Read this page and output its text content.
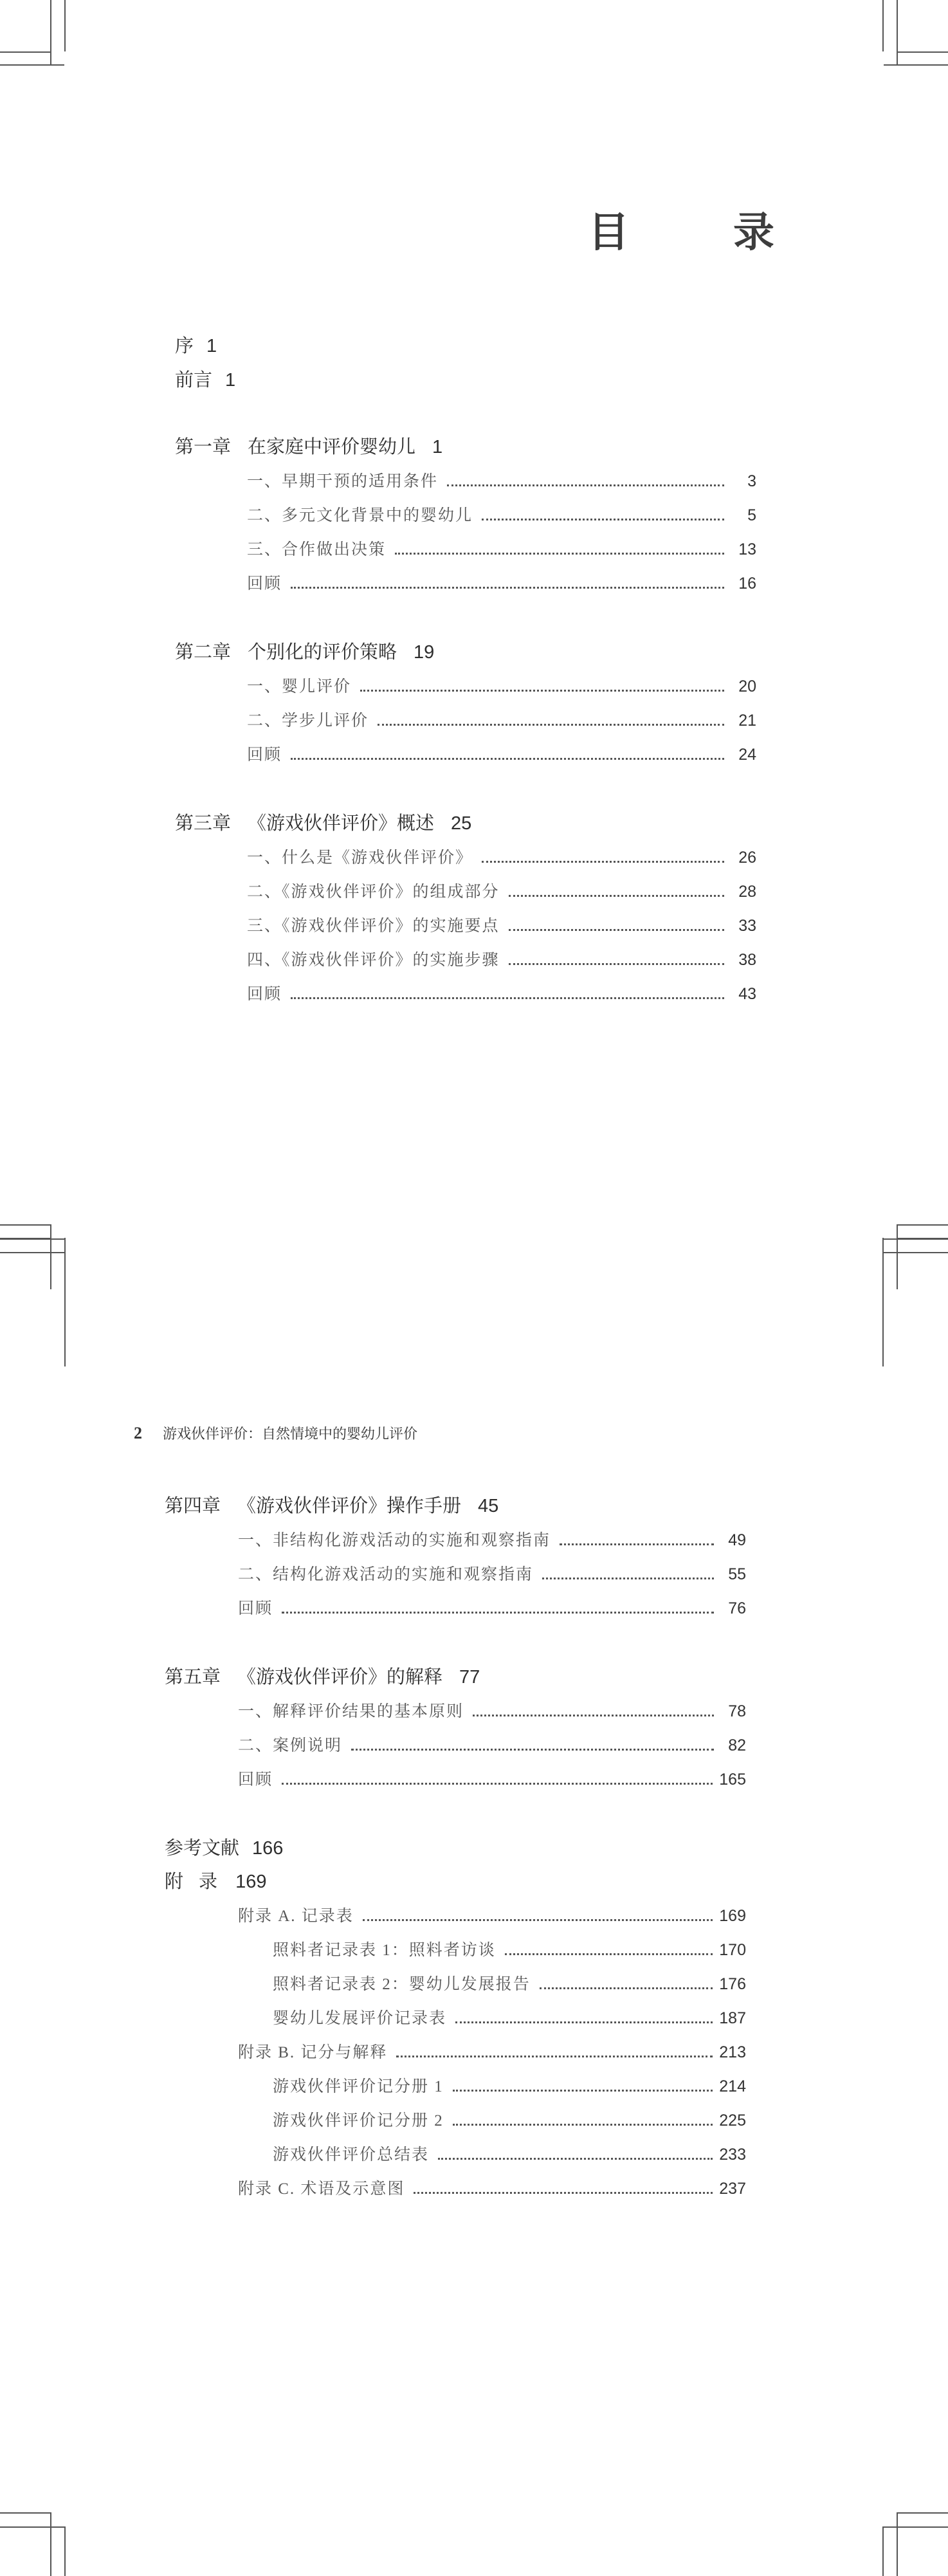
目 录
序 1
前言 1
第一章 在家庭中评价婴幼儿 1
一、早期干预的适用条件	3
二、多元文化背景中的婴幼儿	5
三、合作做出决策	13
回顾	16
第二章 个别化的评价策略 19
一、婴儿评价	20
二、学步儿评价	21
回顾	24
第三章 《游戏伙伴评价》概述 25
一、什么是《游戏伙伴评价》	26
二、《游戏伙伴评价》的组成部分	28
三、《游戏伙伴评价》的实施要点	33
四、《游戏伙伴评价》的实施步骤	38
回顾	43
2 游戏伙伴评价：自然情境中的婴幼儿评价
第四章 《游戏伙伴评价》操作手册 45
一、非结构化游戏活动的实施和观察指南	49
二、结构化游戏活动的实施和观察指南	55
回顾	76
第五章 《游戏伙伴评价》的解释 77
一、解释评价结果的基本原则	78
二、案例说明	82
回顾	165
参考文献 166
附 录 169
附录 A. 记录表	169
照料者记录表 1：照料者访谈	170
照料者记录表 2：婴幼儿发展报告	176
婴幼儿发展评价记录表	187
附录 B. 记分与解释	213
游戏伙伴评价记分册 1	214
游戏伙伴评价记分册 2	225
游戏伙伴评价总结表	233
附录 C. 术语及示意图	237
